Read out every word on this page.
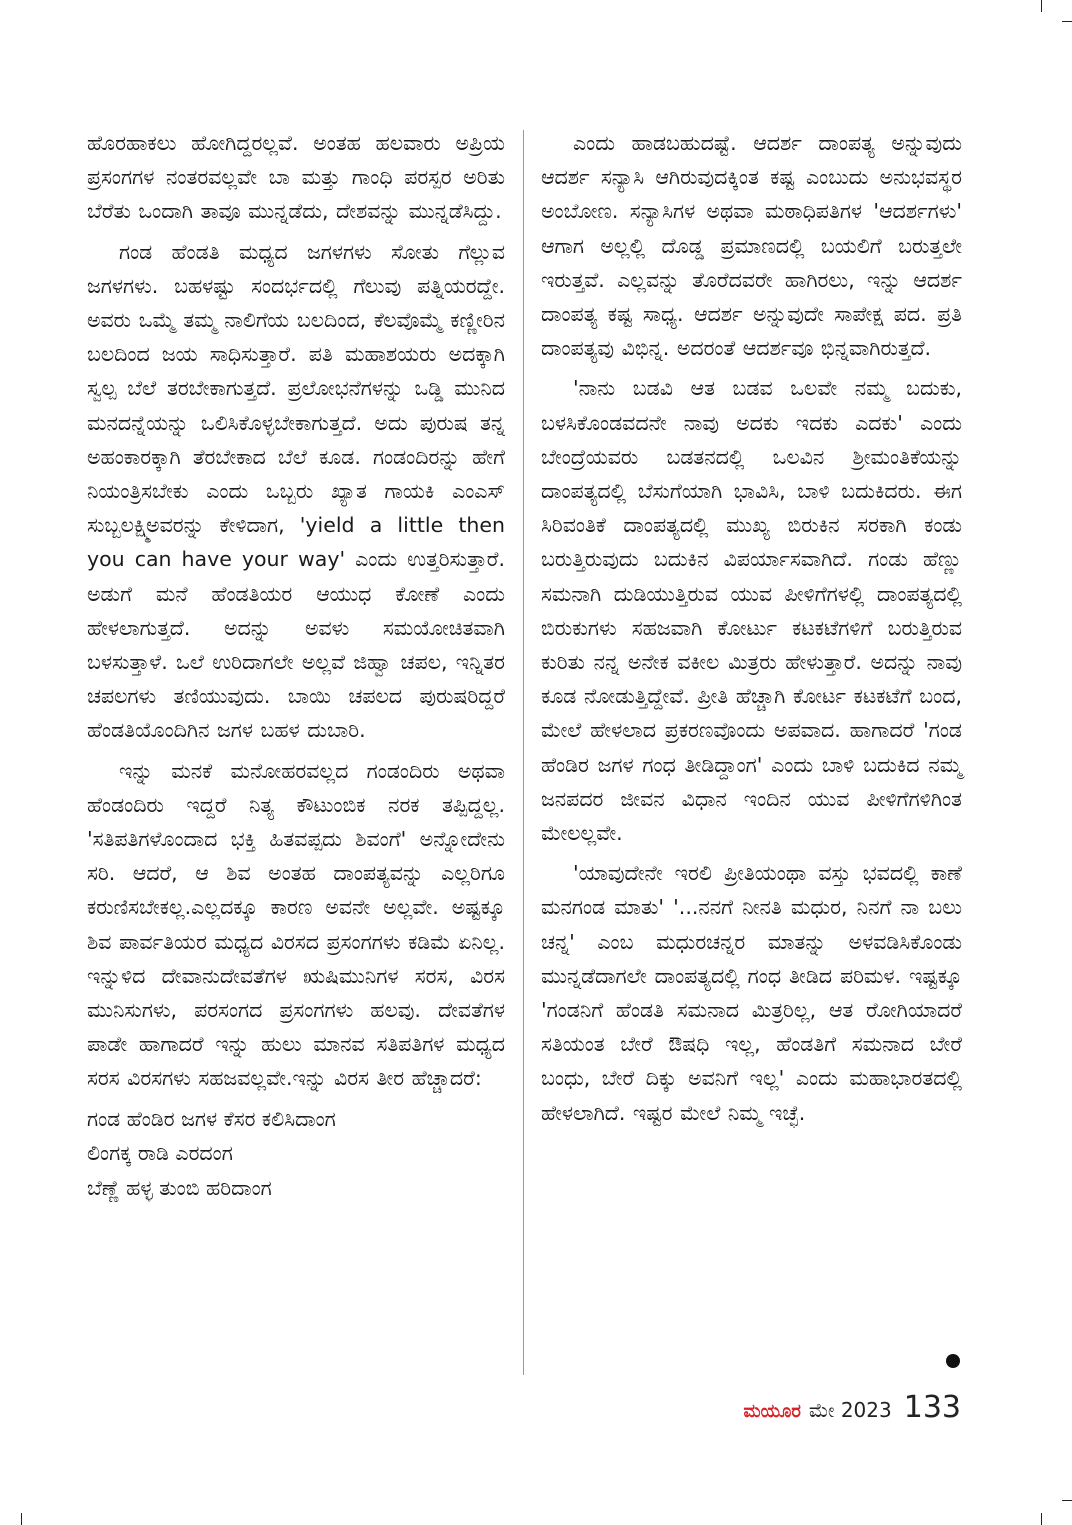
ಹೊರಹಾಕಲು ಹೋಗಿದ್ದರಲ್ಲವೆ. ಅಂತಹ ಹಲವಾರು ಅಪ್ರಿಯ ಪ್ರಸಂಗಗಳ ನಂತರವಲ್ಲವೇ ಬಾ ಮತ್ತು ಗಾಂಧಿ ಪರಸ್ಪರ ಅರಿತು ಬೆರೆತು ಒಂದಾಗಿ ತಾವೂ ಮುನ್ನಡೆದು, ದೇಶವನ್ನು ಮುನ್ನಡೆಸಿದ್ದು.

ಗಂಡ ಹೆಂಡತಿ ಮಧ್ಯದ ಜಗಳಗಳು ಸೋತು ಗೆಲ್ಲುವ ಜಗಳಗಳು. ಬಹಳಷ್ಟು ಸಂದರ್ಭದಲ್ಲಿ ಗೆಲುವು ಪತ್ನಿಯರದ್ದೇ. ಅವರು ಒಮ್ಮೆ ತಮ್ಮ ನಾಲಿಗೆಯ ಬಲದಿಂದ, ಕೆಲವೊಮ್ಮೆ ಕಣ್ಣೀರಿನ ಬಲದಿಂದ ಜಯ ಸಾಧಿಸುತ್ತಾರೆ. ಪತಿ ಮಹಾಶಯರು ಅದಕ್ಕಾಗಿ ಸ್ವಲ್ಪ ಬೆಲೆ ತರಬೇಕಾಗುತ್ತದೆ. ಪ್ರಲೋಭನೆಗಳನ್ನು ಒಡ್ಡಿ ಮುನಿದ ಮನದನ್ನೆಯನ್ನು ಒಲಿಸಿಕೊಳ್ಳಬೇಕಾಗುತ್ತದೆ. ಅದು ಪುರುಷ ತನ್ನ ಅಹಂಕಾರಕ್ಕಾಗಿ ತೆರಬೇಕಾದ ಬೆಲೆ ಕೂಡ. ಗಂಡಂದಿರನ್ನು ಹೇಗೆ ನಿಯಂತ್ರಿಸಬೇಕು ಎಂದು ಒಬ್ಬರು ಖ್ಯಾತ ಗಾಯಕಿ ಎಂಎಸ್ ಸುಬ್ಬಲಕ್ಷ್ಮಿಅವರನ್ನು ಕೇಳಿದಾಗ, 'yield a little then you can have your way' ಎಂದು ಉತ್ತರಿಸುತ್ತಾರೆ. ಅಡುಗೆ ಮನೆ ಹೆಂಡತಿಯರ ಆಯುಧ ಕೋಣೆ ಎಂದು ಹೇಳಲಾಗುತ್ತದೆ. ಅದನ್ನು ಅವಳು ಸಮಯೋಚಿತವಾಗಿ ಬಳಸುತ್ತಾಳೆ. ಒಲೆ ಉರಿದಾಗಲೇ ಅಲ್ಲವೆ ಜಿಹ್ವಾ ಚಪಲ, ಇನ್ನಿತರ ಚಪಲಗಳು ತಣಿಯುವುದು. ಬಾಯಿ ಚಪಲದ ಪುರುಷರಿದ್ದರೆ ಹೆಂಡತಿಯೊಂದಿಗಿನ ಜಗಳ ಬಹಳ ದುಬಾರಿ.

ಇನ್ನು ಮನಕೆ ಮನೋಹರವಲ್ಲದ ಗಂಡಂದಿರು ಅಥವಾ ಹೆಂಡಂದಿರು ಇದ್ದರೆ ನಿತ್ಯ ಕೌಟುಂಬಿಕ ನರಕ ತಪ್ಪಿದ್ದಲ್ಲ. 'ಸತಿಪತಿಗಳೊಂದಾದ ಭಕ್ತಿ ಹಿತವಪ್ಪದು ಶಿವಂಗೆ' ಅನ್ನೋದೇನು ಸರಿ. ಆದರೆ, ಆ ಶಿವ ಅಂತಹ ದಾಂಪತ್ಯವನ್ನು ಎಲ್ಲರಿಗೂ ಕರುಣಿಸಬೇಕಲ್ಲ.ಎಲ್ಲದಕ್ಕೂ ಕಾರಣ ಅವನೇ ಅಲ್ಲವೇ. ಅಷ್ಟಕ್ಕೂ ಶಿವ ಪಾರ್ವತಿಯರ ಮಧ್ಯದ ವಿರಸದ ಪ್ರಸಂಗಗಳು ಕಡಿಮೆ ಏನಿಲ್ಲ. ಇನ್ನುಳಿದ ದೇವಾನುದೇವತೆಗಳ ಋಷಿಮುನಿಗಳ ಸರಸ, ವಿರಸ ಮುನಿಸುಗಳು, ಪರಸಂಗದ ಪ್ರಸಂಗಗಳು ಹಲವು. ದೇವತೆಗಳ ಪಾಡೇ ಹಾಗಾದರೆ ಇನ್ನು ಹುಲು ಮಾನವ ಸತಿಪತಿಗಳ ಮಧ್ಯದ ಸರಸ ವಿರಸಗಳು ಸಹಜವಲ್ಲವೇ.ಇನ್ನು ವಿರಸ ತೀರ ಹೆಚ್ಚಾದರೆ:

ಗಂಡ ಹೆಂಡಿರ ಜಗಳ ಕೆಸರ ಕಲಿಸಿದಾಂಗ
ಲಿಂಗಕ್ಕ ರಾಡಿ ಎರದಂಗ
ಬೆಣ್ಣೆ ಹಳ್ಳ ತುಂಬಿ ಹರಿದಾಂಗ

ಎಂದು ಹಾಡಬಹುದಷ್ಟೆ. ಆದರ್ಶ ದಾಂಪತ್ಯ ಅನ್ನುವುದು ಆದರ್ಶ ಸನ್ಯಾಸಿ ಆಗಿರುವುದಕ್ಕಿಂತ ಕಷ್ಟ ಎಂಬುದು ಅನುಭವಸ್ಥರ ಅಂಬೋಣ. ಸನ್ಯಾಸಿಗಳ ಅಥವಾ ಮಠಾಧಿಪತಿಗಳ 'ಆದರ್ಶಗಳು' ಆಗಾಗ ಅಲ್ಲಲ್ಲಿ ದೊಡ್ಡ ಪ್ರಮಾಣದಲ್ಲಿ ಬಯಲಿಗೆ ಬರುತ್ತಲೇ ಇರುತ್ತವೆ. ಎಲ್ಲವನ್ನು ತೊರೆದವರೇ ಹಾಗಿರಲು, ಇನ್ನು ಆದರ್ಶ ದಾಂಪತ್ಯ ಕಷ್ಟ ಸಾಧ್ಯ. ಆದರ್ಶ ಅನ್ನುವುದೇ ಸಾಪೇಕ್ಷ ಪದ. ಪ್ರತಿ ದಾಂಪತ್ಯವು ವಿಭಿನ್ನ. ಅದರಂತೆ ಆದರ್ಶವೂ ಭಿನ್ನವಾಗಿರುತ್ತದೆ.

'ನಾನು ಬಡವಿ ಆತ ಬಡವ ಒಲವೇ ನಮ್ಮ ಬದುಕು, ಬಳಸಿಕೊಂಡವದನೇ ನಾವು ಅದಕು ಇದಕು ಎದಕು' ಎಂದು ಬೇಂದ್ರೆಯವರು ಬಡತನದಲ್ಲಿ ಒಲವಿನ ಶ್ರೀಮಂತಿಕೆಯನ್ನು ದಾಂಪತ್ಯದಲ್ಲಿ ಬೆಸುಗೆಯಾಗಿ ಭಾವಿಸಿ, ಬಾಳಿ ಬದುಕಿದರು. ಈಗ ಸಿರಿವಂತಿಕೆ ದಾಂಪತ್ಯದಲ್ಲಿ ಮುಖ್ಯ ಬಿರುಕಿನ ಸರಕಾಗಿ ಕಂಡು ಬರುತ್ತಿರುವುದು ಬದುಕಿನ ವಿಪರ್ಯಾಸವಾಗಿದೆ. ಗಂಡು ಹೆಣ್ಣು ಸಮನಾಗಿ ದುಡಿಯುತ್ತಿರುವ ಯುವ ಪೀಳಿಗೆಗಳಲ್ಲಿ ದಾಂಪತ್ಯದಲ್ಲಿ ಬಿರುಕುಗಳು ಸಹಜವಾಗಿ ಕೋರ್ಟು ಕಟಕಟೆಗಳಿಗೆ ಬರುತ್ತಿರುವ ಕುರಿತು ನನ್ನ ಅನೇಕ ವಕೀಲ ಮಿತ್ರರು ಹೇಳುತ್ತಾರೆ. ಅದನ್ನು ನಾವು ಕೂಡ ನೋಡುತ್ತಿದ್ದೇವೆ. ಪ್ರೀತಿ ಹೆಚ್ಚಾಗಿ ಕೋರ್ಟ ಕಟಕಟೆಗೆ ಬಂದ, ಮೇಲೆ ಹೇಳಲಾದ ಪ್ರಕರಣವೊಂದು ಅಪವಾದ. ಹಾಗಾದರೆ 'ಗಂಡ ಹೆಂಡಿರ ಜಗಳ ಗಂಧ ತೀಡಿದ್ದಾಂಗ' ಎಂದು ಬಾಳಿ ಬದುಕಿದ ನಮ್ಮ ಜನಪದರ ಜೀವನ ವಿಧಾನ ಇಂದಿನ ಯುವ ಪೀಳಿಗೆಗಳಿಗಿಂತ ಮೇಲಲ್ಲವೇ.

'ಯಾವುದೇನೇ ಇರಲಿ ಪ್ರೀತಿಯಂಥಾ ವಸ್ತು ಭವದಲ್ಲಿ ಕಾಣೆ ಮನಗಂಡ ಮಾತು' '...ನನಗೆ ನೀನತಿ ಮಧುರ, ನಿನಗೆ ನಾ ಬಲು ಚನ್ನ' ಎಂಬ ಮಧುರಚನ್ನರ ಮಾತನ್ನು ಅಳವಡಿಸಿಕೊಂಡು ಮುನ್ನಡೆದಾಗಲೇ ದಾಂಪತ್ಯದಲ್ಲಿ ಗಂಧ ತೀಡಿದ ಪರಿಮಳ. ಇಷ್ಟಕ್ಕೂ 'ಗಂಡನಿಗೆ ಹೆಂಡತಿ ಸಮನಾದ ಮಿತ್ರರಿಲ್ಲ, ಆತ ರೋಗಿಯಾದರೆ ಸತಿಯಂತ ಬೇರೆ ಔಷಧಿ ಇಲ್ಲ, ಹೆಂಡತಿಗೆ ಸಮನಾದ ಬೇರೆ ಬಂಧು, ಬೇರೆ ದಿಕ್ಕು ಅವನಿಗೆ ಇಲ್ಲ' ಎಂದು ಮಹಾಭಾರತದಲ್ಲಿ ಹೇಳಲಾಗಿದೆ. ಇಷ್ಟರ ಮೇಲೆ ನಿಮ್ಮ ಇಚ್ಛೆ.

ಮಯೂರ ಮೇ 2023 133
